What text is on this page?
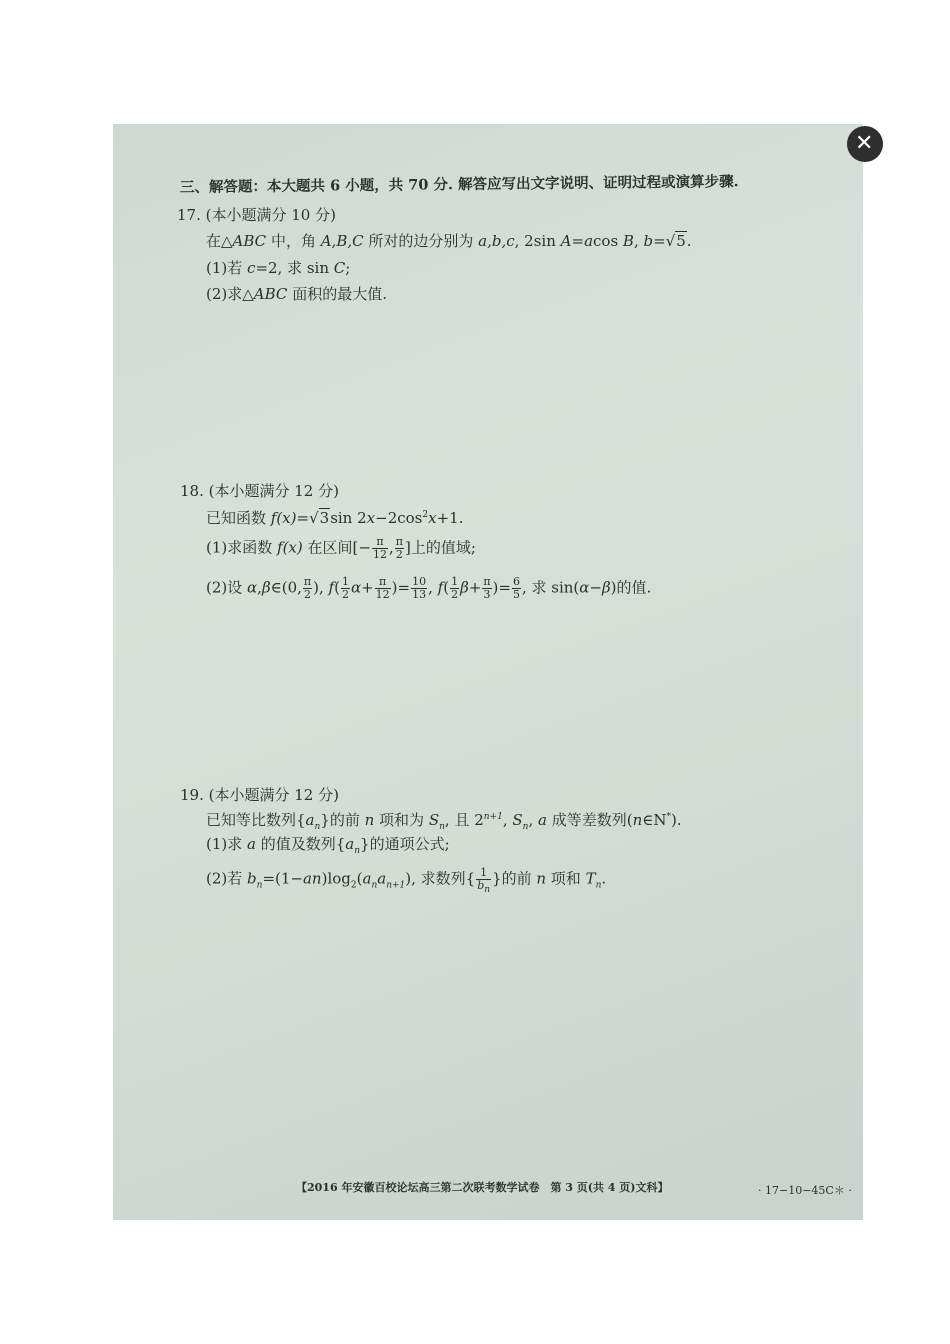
三、解答题：本大题共 6 小题，共 70 分. 解答应写出文字说明、证明过程或演算步骤.
17. (本小题满分 10 分)
在△ABC 中，角 A,B,C 所对的边分别为 a,b,c, 2sin A=acos B, b=√5.
(1)若 c=2, 求 sin C;
(2)求△ABC 面积的最大值.
18. (本小题满分 12 分)
已知函数 f(x)=√3sin $2x-2\cos^2x+1$.
(1)求函数 f(x) 在区间[− $\frac{\pi}{12}$ , $\frac{\pi}{2}$ ]上的值域;
(2)设 α,β∈(0, $\frac{\pi}{2}$ ), $f( \frac{1}{2} \alpha+ \frac{\pi}{12}$ )= $\frac{10}{13}$ , $f( \frac{1}{2} \beta+ \frac{\pi}{3}$ )= $\frac{6}{5}$ , 求 sin(α−β)的值.
19. (本小题满分 12 分)
已知等比数列$\{a_n\}$的前 n 项和为 $S_n$, 且 $2^{n+1}$, $S_n$, a 成等差数列(n∈N*).
(1)求 a 的值及数列$\{a_n\}$的通项公式;
(2)若 $b_n=(1-an)\log_2(a_na_{n+1})$, 求数列{ $\frac{1}{b_n}$ }的前 n 项和 $T_n$.
【2016 年安徽百校论坛高三第二次联考数学试卷　第 3 页(共 4 页)文科】	· 17−10−45C＊ ·
✕
